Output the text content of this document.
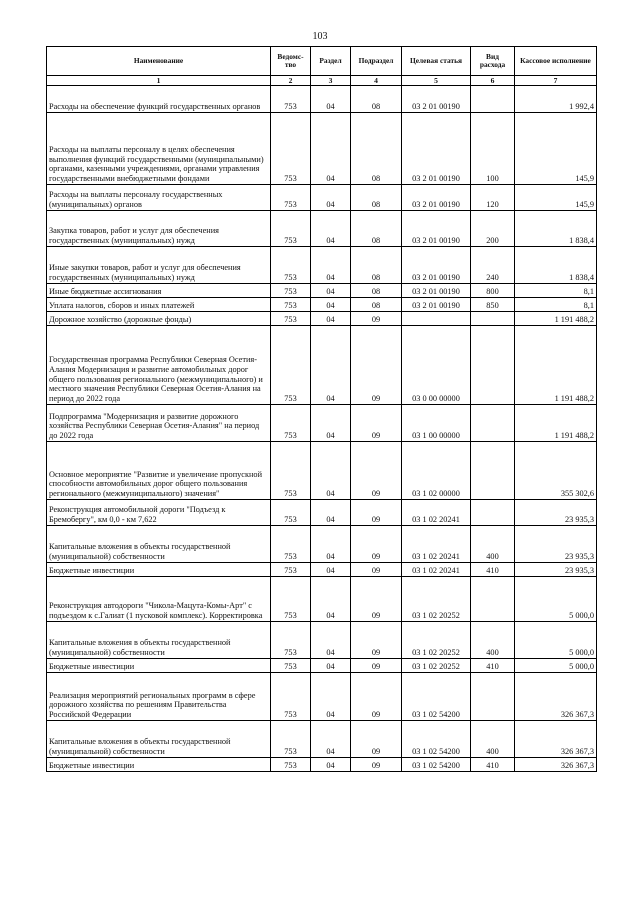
103
Наименование	Ведомс-тво	Раздел	Подраздел	Целевая статья	Вид расхода	Кассовое исполнение
1	2	3	4	5	6	7
Расходы на обеспечение функций государственных органов	753	04	08	03 2 01 00190		1 992,4
Расходы на выплаты персоналу в целях обеспечения выполнения функций государственными (муниципальными) органами, казенными учреждениями, органами управления государственными внебюджетными фондами	753	04	08	03 2 01 00190	100	145,9
Расходы на выплаты персоналу государственных (муниципальных) органов	753	04	08	03 2 01 00190	120	145,9
Закупка товаров, работ и услуг для обеспечения государственных (муниципальных) нужд	753	04	08	03 2 01 00190	200	1 838,4
Иные закупки товаров, работ и услуг для обеспечения государственных (муниципальных) нужд	753	04	08	03 2 01 00190	240	1 838,4
Иные бюджетные ассигнования	753	04	08	03 2 01 00190	800	8,1
Уплата налогов, сборов и иных платежей	753	04	08	03 2 01 00190	850	8,1
Дорожное хозяйство (дорожные фонды)	753	04	09			1 191 488,2
Государственная программа Республики Северная Осетия-Алания Модернизация и развитие автомобильных дорог общего пользования регионального (межмуниципального) и местного значения Республики Северная Осетия-Алания на период до 2022 года	753	04	09	03 0 00 00000		1 191 488,2
Подпрограмма "Модернизация и развитие дорожного хозяйства Республики Северная Осетия-Алания" на период до 2022 года	753	04	09	03 1 00 00000		1 191 488,2
Основное мероприятие "Развитие и увеличение пропускной способности автомобильных дорог общего пользования регионального (межмуниципального) значения"	753	04	09	03 1 02 00000		355 302,6
Реконструкция автомобильной дороги "Подъезд к Бремобергу", км 0,0 - км 7,622	753	04	09	03 1 02 20241		23 935,3
Капитальные вложения в объекты государственной (муниципальной) собственности	753	04	09	03 1 02 20241	400	23 935,3
Бюджетные инвестиции	753	04	09	03 1 02 20241	410	23 935,3
Реконструкция автодороги "Чикола-Мацута-Комы-Арт" с подъездом к с.Галиат (1 пусковой комплекс). Корректировка	753	04	09	03 1 02 20252		5 000,0
Капитальные вложения в объекты государственной (муниципальной) собственности	753	04	09	03 1 02 20252	400	5 000,0
Бюджетные инвестиции	753	04	09	03 1 02 20252	410	5 000,0
Реализация мероприятий региональных программ в сфере дорожного хозяйства по решениям Правительства Российской Федерации	753	04	09	03 1 02 54200		326 367,3
Капитальные вложения в объекты государственной (муниципальной) собственности	753	04	09	03 1 02 54200	400	326 367,3
Бюджетные инвестиции	753	04	09	03 1 02 54200	410	326 367,3
